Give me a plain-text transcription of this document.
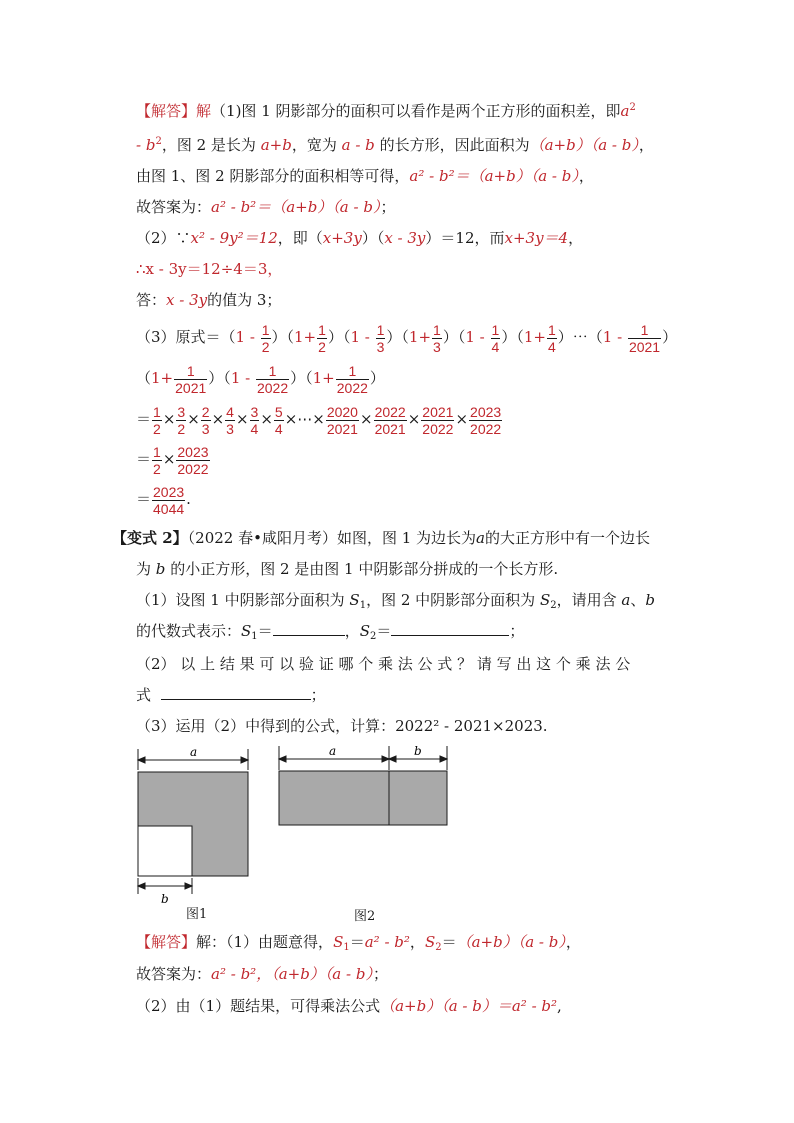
【解答】解（1)图 1 阴影部分的面积可以看作是两个正方形的面积差，即$a^2$
- $b^2$，图 2 是长为 a+b，宽为 a - b 的长方形，因此面积为（a+b）（a - b），
由图 1、图 2 阴影部分的面积相等可得，a² - b²＝（a+b）（a - b），
故答案为：a² - b²＝（a+b）（a - b）；
（2）∵x² - 9y²＝12，即（x+3y）（x - 3y）＝12，而x+3y＝4，
∴x - 3y＝12÷4＝3，
答：x - 3y的值为 3；
（3）原式$=(1 - \frac{1}{2} )(1+ \frac{1}{2} )(1 - \frac{1}{3} )(1+ \frac{1}{3} )(1 - \frac{1}{4} )(1+ \frac{1}{4}$ ）⋯（1 - $\frac{1}{2021}$ ）
$(1+ \frac{1}{2021} )(1 - \frac{1}{2022} )(1+ \frac{1}{2022}$ ）
＝ $\frac{1}{2} \times \frac{3}{2} \times \frac{2}{3} \times \frac{4}{3} \times \frac{3}{4} \times \frac{5}{4}$ ×⋯× $\frac{2020}{2021} \times \frac{2022}{2021} \times \frac{2021}{2022} \times \frac{2023}{2022}$
＝ $\frac{1}{2} \times \frac{2023}{2022}$
＝ $\frac{2023}{4044}$ .
【变式 2】（2022 春•咸阳月考）如图，图 1 为边长为a的大正方形中有一个边长
为 b 的小正方形，图 2 是由图 1 中阴影部分拼成的一个长方形.
（1）设图 1 中阴影部分面积为 $S_1$，图 2 中阴影部分面积为 $S_2$，请用含 a、b
的代数式表示：$S_1=$	，$S_2=$	；
（2） 以 上 结 果 可 以 验 证 哪 个 乘 法 公 式 ？ 请 写 出 这 个 乘 法 公
式	；
（3）运用（2）中得到的公式，计算：2022² - 2021×2023.
a
b
图1
a	b
图2
【解答】解：（1）由题意得，$S_1=a^2 - b^2$，$S_2=(a+b)(a - b)$，
故答案为：a² - b²，（a+b）（a - b）；
（2）由（1）题结果，可得乘法公式（a+b）（a - b）＝a² - b²,
